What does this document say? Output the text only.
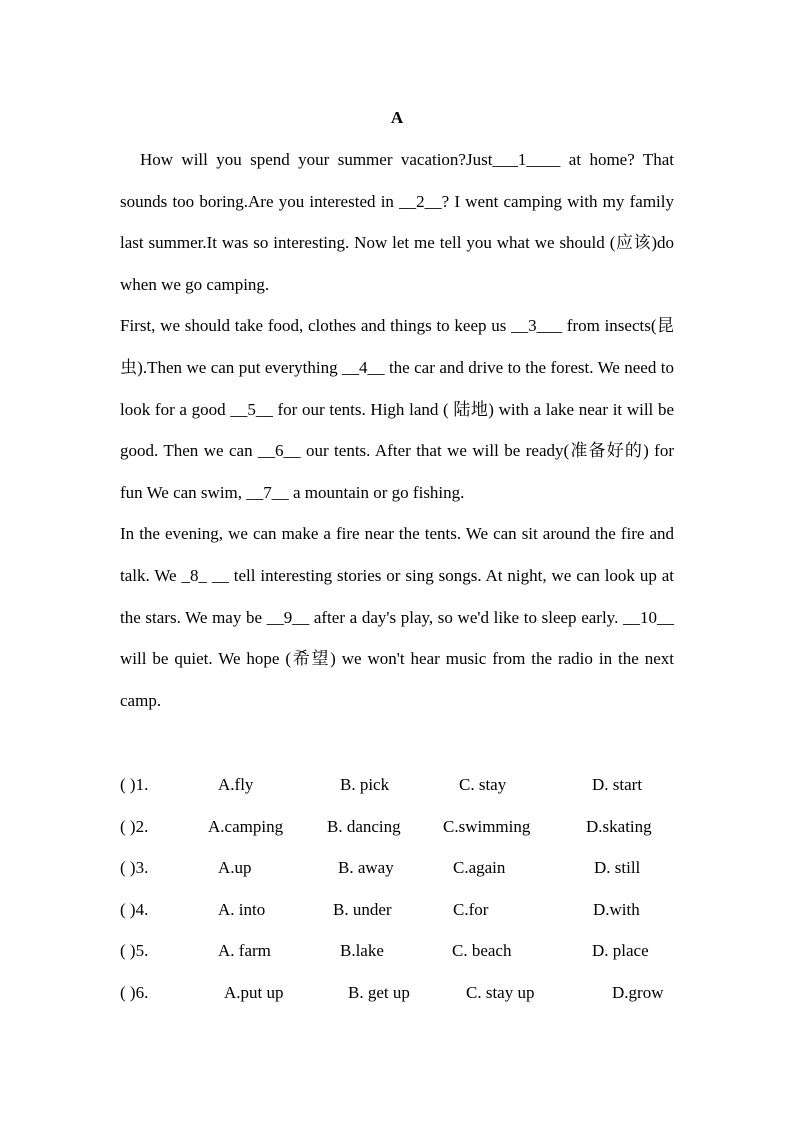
A

How will you spend your summer vacation?Just___1____ at home? That sounds too boring.Are you interested in __2__? I went camping with my family last summer.It was so interesting. Now let me tell you what we should (应该)do when we go camping.

First, we should take food, clothes and things to keep us __3___ from insects(昆虫).Then we can put everything __4__ the car and drive to the forest. We need to look for a good __5__ for our tents. High land ( 陆地) with a lake near it will be good. Then we can __6__ our tents. After that we will be ready(准备好的) for fun We can swim, __7__ a mountain or go fishing.

In the evening, we can make a fire near the tents. We can sit around the fire and talk. We _8_ __ tell interesting stories or sing songs. At night, we can look up at the stars. We may be __9__ after a day's play, so we'd like to sleep early. __10__ will be quiet. We hope (希望) we won't hear music from the radio in the next camp.

( )1.	A.fly	B. pick	C. stay	D. start
( )2.	A.camping	B. dancing C.swimming	D.skating
( )3.	A.up	B. away	C.again	D. still
( )4.	A. into	B. under	C.for	D.with
( )5.	A. farm	B.lake	C. beach	D. place
( )6.	A.put up	B. get up	C. stay up	D.grow
